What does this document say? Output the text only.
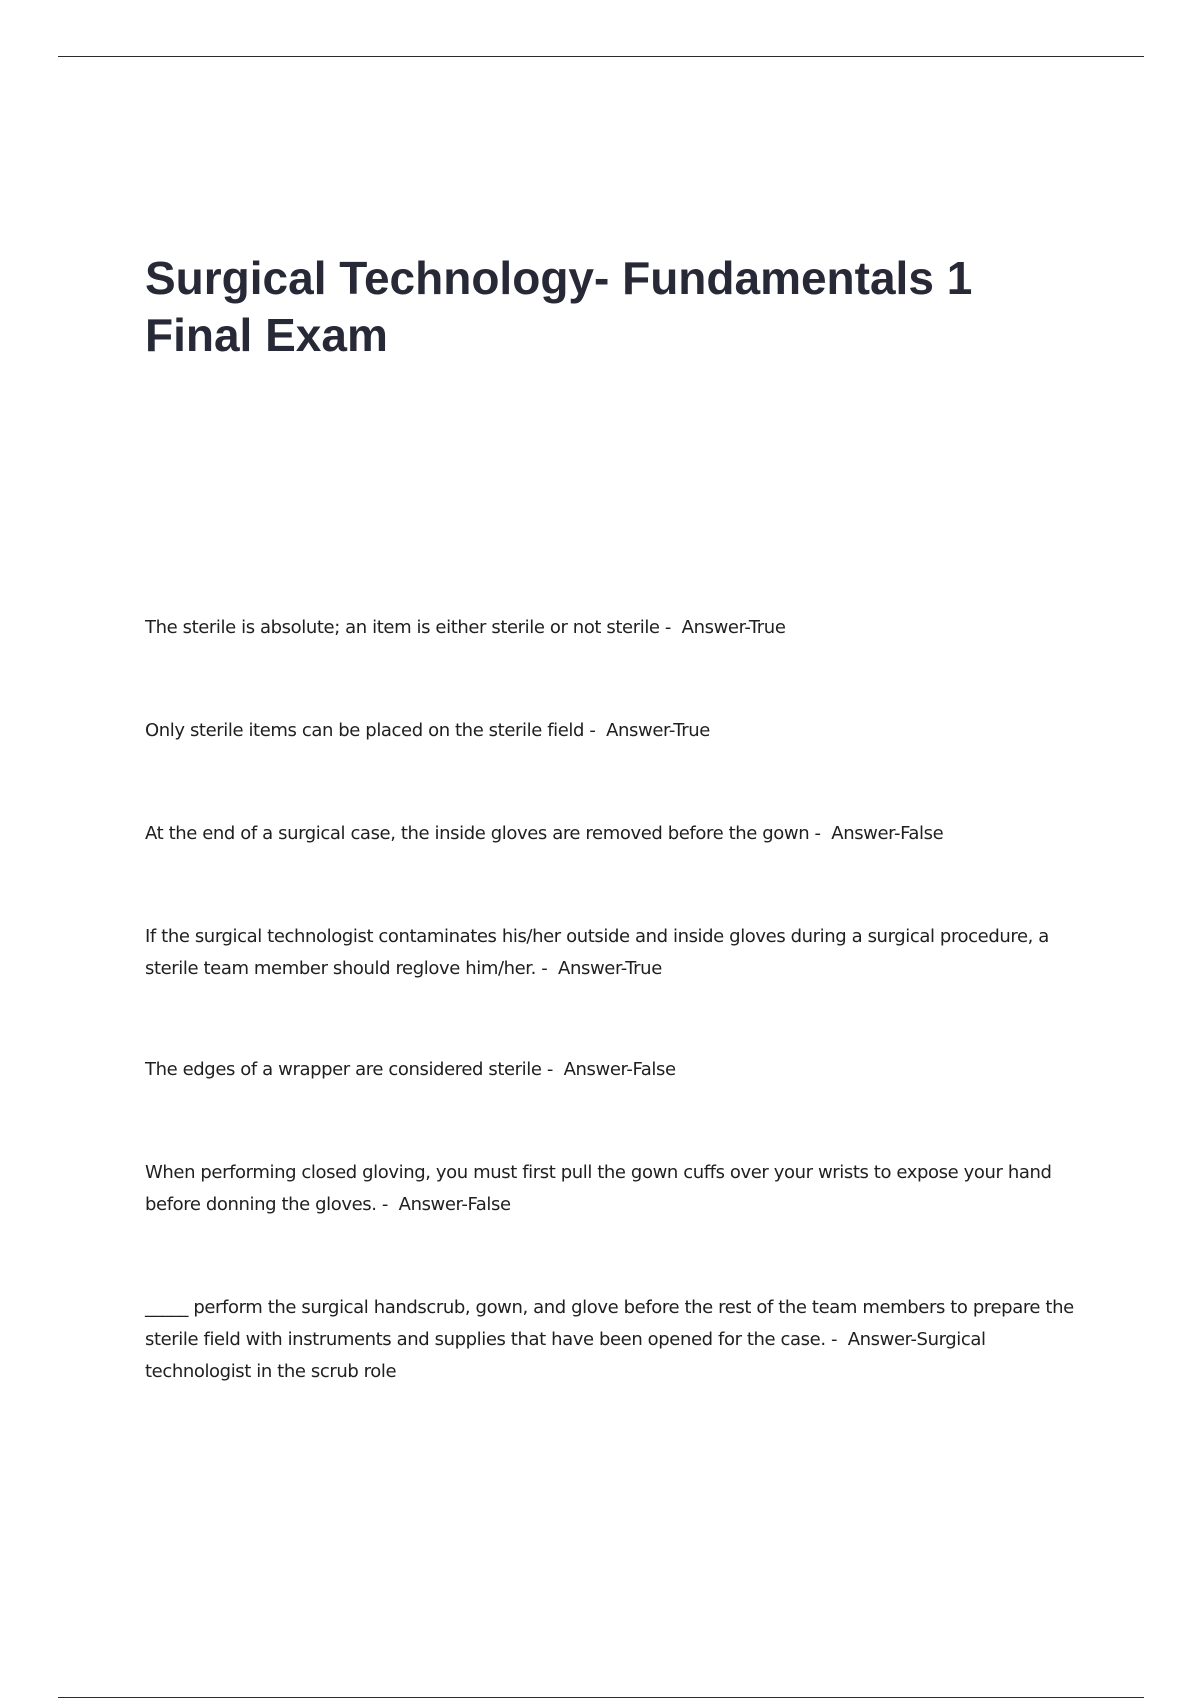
Surgical Technology- Fundamentals 1 Final Exam

The sterile is absolute; an item is either sterile or not sterile -  Answer-True

Only sterile items can be placed on the sterile field -  Answer-True

At the end of a surgical case, the inside gloves are removed before the gown -  Answer-False

If the surgical technologist contaminates his/her outside and inside gloves during a surgical procedure, a sterile team member should reglove him/her. -  Answer-True

The edges of a wrapper are considered sterile -  Answer-False

When performing closed gloving, you must first pull the gown cuffs over your wrists to expose your hand before donning the gloves. -  Answer-False

_____ perform the surgical handscrub, gown, and glove before the rest of the team members to prepare the sterile field with instruments and supplies that have been opened for the case. -  Answer-Surgical technologist in the scrub role
